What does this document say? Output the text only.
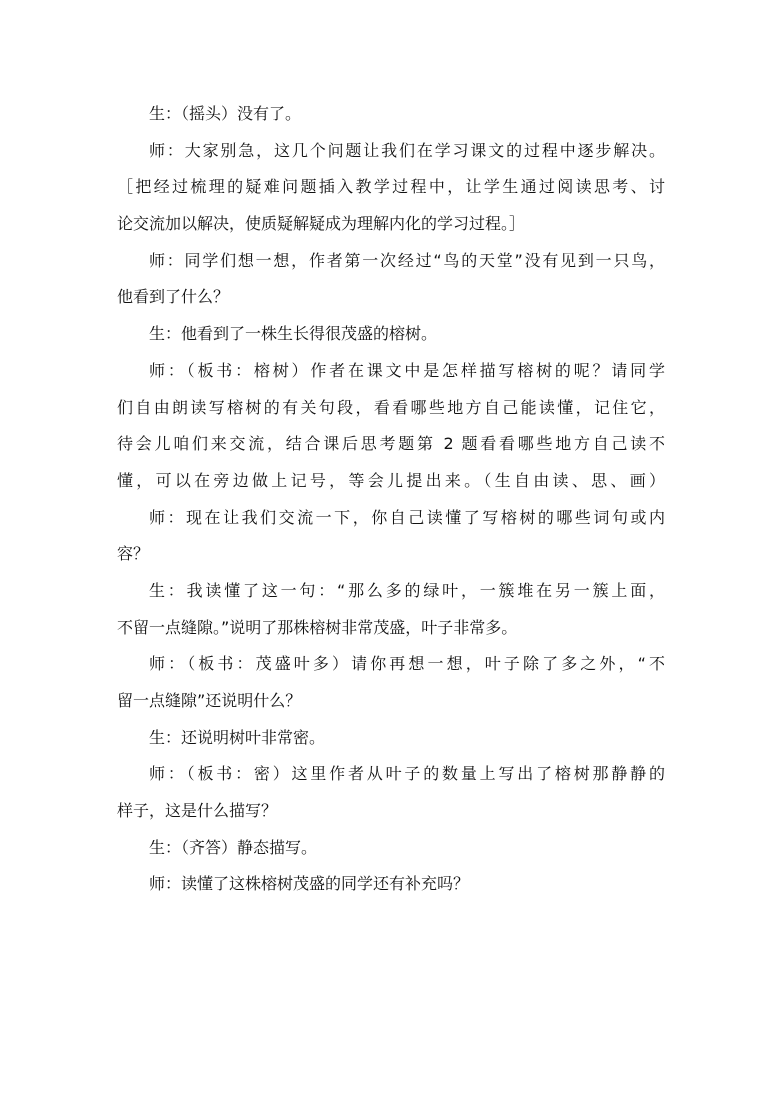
生：（摇头）没有了。

师：大家别急，这几个问题让我们在学习课文的过程中逐步解决。

［把经过梳理的疑难问题插入教学过程中，让学生通过阅读思考、讨

论交流加以解决，使质疑解疑成为理解内化的学习过程。］

师：同学们想一想，作者第一次经过“鸟的天堂”没有见到一只鸟，

他看到了什么？

生：他看到了一株生长得很茂盛的榕树。

师：（板书：榕树）作者在课文中是怎样描写榕树的呢？请同学

们自由朗读写榕树的有关句段，看看哪些地方自己能读懂，记住它，

待会儿咱们来交流，结合课后思考题第 2 题看看哪些地方自己读不

懂，可以在旁边做上记号，等会儿提出来。（生自由读、思、画）

师：现在让我们交流一下，你自己读懂了写榕树的哪些词句或内

容？

生：我读懂了这一句：“那么多的绿叶，一簇堆在另一簇上面，

不留一点缝隙。”说明了那株榕树非常茂盛，叶子非常多。

师：（板书：茂盛叶多）请你再想一想，叶子除了多之外，“不

留一点缝隙”还说明什么？

生：还说明树叶非常密。

师：（板书：密）这里作者从叶子的数量上写出了榕树那静静的

样子，这是什么描写？

生：（齐答）静态描写。

师：读懂了这株榕树茂盛的同学还有补充吗？
